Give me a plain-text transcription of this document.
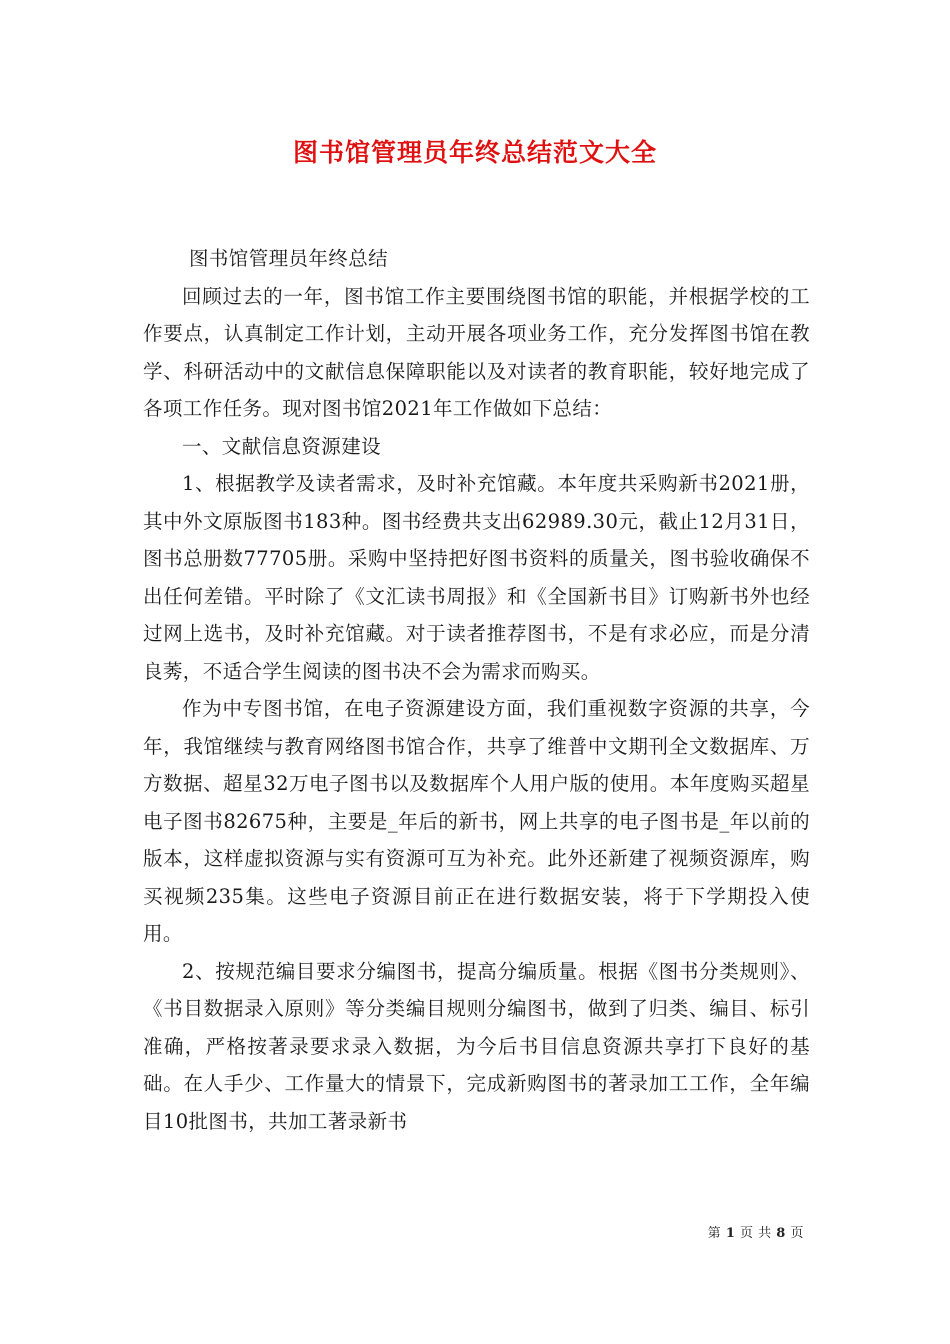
图书馆管理员年终总结范文大全

图书馆管理员年终总结

回顾过去的一年，图书馆工作主要围绕图书馆的职能，并根据学校的工作要点，认真制定工作计划，主动开展各项业务工作，充分发挥图书馆在教学、科研活动中的文献信息保障职能以及对读者的教育职能，较好地完成了各项工作任务。现对图书馆2021年工作做如下总结：

一、文献信息资源建设

1、根据教学及读者需求，及时补充馆藏。本年度共采购新书2021册，其中外文原版图书183种。图书经费共支出62989.30元，截止12月31日，图书总册数77705册。采购中坚持把好图书资料的质量关，图书验收确保不出任何差错。平时除了《文汇读书周报》和《全国新书目》订购新书外也经过网上选书，及时补充馆藏。对于读者推荐图书，不是有求必应，而是分清良莠，不适合学生阅读的图书决不会为需求而购买。

作为中专图书馆，在电子资源建设方面，我们重视数字资源的共享，今年，我馆继续与教育网络图书馆合作，共享了维普中文期刊全文数据库、万方数据、超星32万电子图书以及数据库个人用户版的使用。本年度购买超星电子图书82675种，主要是_年后的新书，网上共享的电子图书是_年以前的版本，这样虚拟资源与实有资源可互为补充。此外还新建了视频资源库，购买视频235集。这些电子资源目前正在进行数据安装，将于下学期投入使用。

2、按规范编目要求分编图书，提高分编质量。根据《图书分类规则》、《书目数据录入原则》等分类编目规则分编图书，做到了归类、编目、标引准确，严格按著录要求录入数据，为今后书目信息资源共享打下良好的基础。在人手少、工作量大的情景下，完成新购图书的著录加工工作，全年编目10批图书，共加工著录新书

第 1 页 共 8 页
